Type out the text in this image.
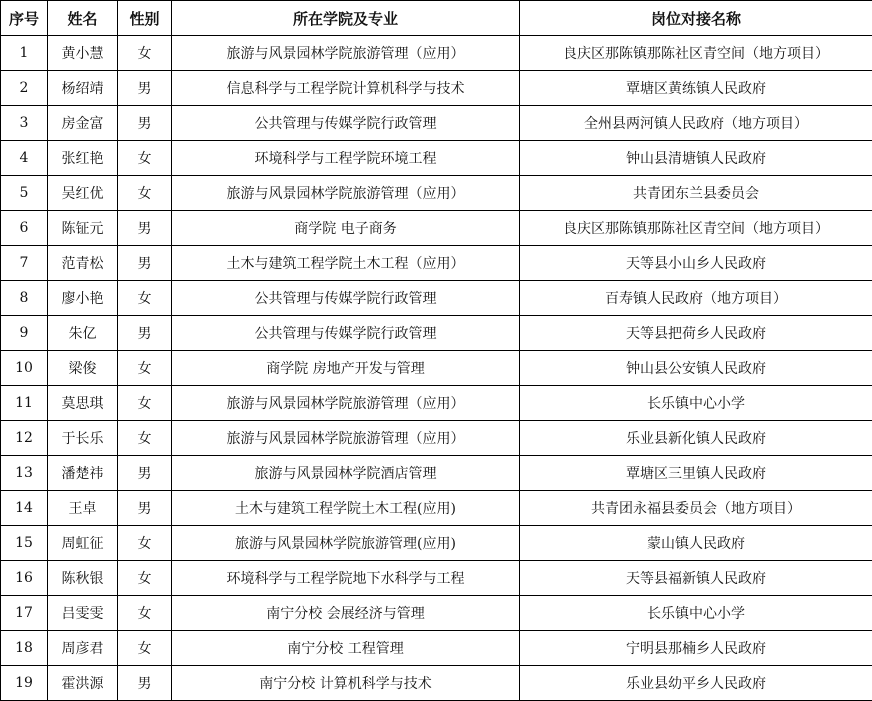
序号	姓名	性别	所在学院及专业	岗位对接名称
1	黄小慧	女	旅游与风景园林学院旅游管理（应用）	良庆区那陈镇那陈社区青空间（地方项目）
2	杨绍靖	男	信息科学与工程学院计算机科学与技术	覃塘区黄练镇人民政府
3	房金富	男	公共管理与传媒学院行政管理	全州县两河镇人民政府（地方项目）
4	张红艳	女	环境科学与工程学院环境工程	钟山县清塘镇人民政府
5	吴红优	女	旅游与风景园林学院旅游管理（应用）	共青团东兰县委员会
6	陈钲元	男	商学院 电子商务	良庆区那陈镇那陈社区青空间（地方项目）
7	范青松	男	土木与建筑工程学院土木工程（应用）	天等县小山乡人民政府
8	廖小艳	女	公共管理与传媒学院行政管理	百寿镇人民政府（地方项目）
9	朱亿	男	公共管理与传媒学院行政管理	天等县把荷乡人民政府
10	梁俊	女	商学院 房地产开发与管理	钟山县公安镇人民政府
11	莫思琪	女	旅游与风景园林学院旅游管理（应用）	长乐镇中心小学
12	于长乐	女	旅游与风景园林学院旅游管理（应用）	乐业县新化镇人民政府
13	潘楚祎	男	旅游与风景园林学院酒店管理	覃塘区三里镇人民政府
14	王卓	男	土木与建筑工程学院土木工程(应用)	共青团永福县委员会（地方项目）
15	周虹征	女	旅游与风景园林学院旅游管理(应用)	蒙山镇人民政府
16	陈秋银	女	环境科学与工程学院地下水科学与工程	天等县福新镇人民政府
17	吕雯雯	女	南宁分校 会展经济与管理	长乐镇中心小学
18	周彦君	女	南宁分校 工程管理	宁明县那楠乡人民政府
19	霍洪源	男	南宁分校 计算机科学与技术	乐业县幼平乡人民政府
